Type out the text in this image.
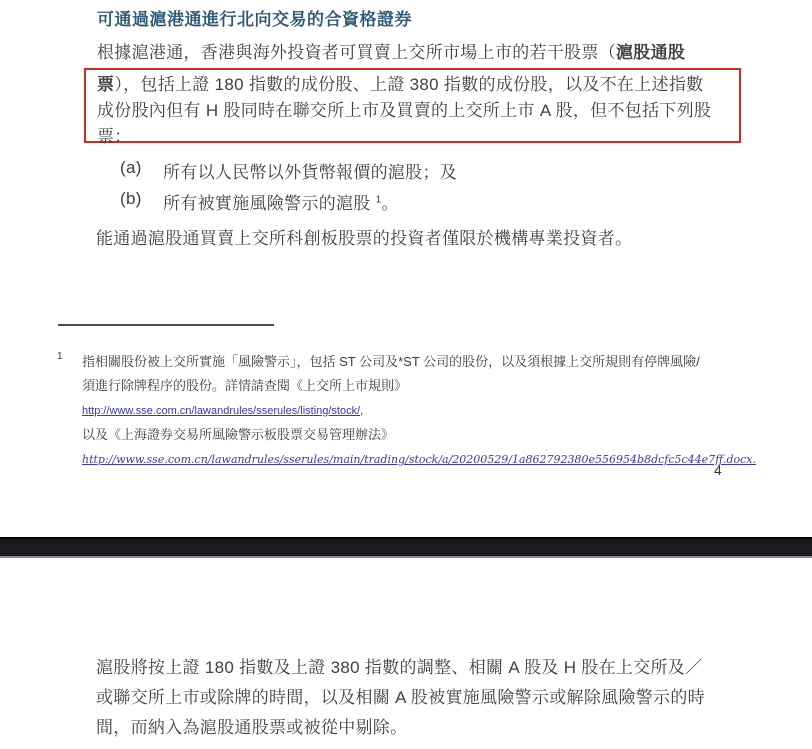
可通過滬港通進行北向交易的合資格證券
根據滬港通，香港與海外投資者可買賣上交所市場上市的若干股票（滬股通股
票），包括上證 180 指數的成份股、上證 380 指數的成份股，以及不在上述指數
成份股內但有 H 股同時在聯交所上市及買賣的上交所上市 A 股，但不包括下列股
票：
(a) 所有以人民幣以外貨幣報價的滬股；及
(b) 所有被實施風險警示的滬股 $^1$。
能通過滬股通買賣上交所科創板股票的投資者僅限於機構專業投資者。
1 指相關股份被上交所實施「風險警示」，包括 ST 公司及*ST 公司的股份，以及須根據上交所規則有停牌風險/
須進行除牌程序的股份。詳情請查閱《上交所上市規則》
http://www.sse.com.cn/lawandrules/sserules/listing/stock/,
以及《上海證券交易所風險警示板股票交易管理辦法》
http://www.sse.com.cn/lawandrules/sserules/main/trading/stock/a/20200529/1a862792380e556954b8dcfc5c44e7ff.docx.
4
滬股將按上證 180 指數及上證 380 指數的調整、相關 A 股及 H 股在上交所及／
或聯交所上市或除牌的時間，以及相關 A 股被實施風險警示或解除風險警示的時
間，而納入為滬股通股票或被從中剔除。
